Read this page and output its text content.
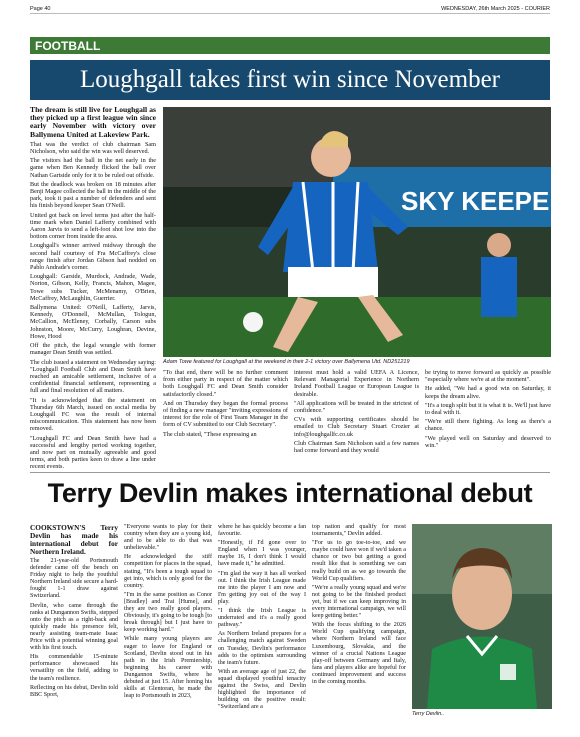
Page 40	WEDNESDAY, 26th March 2025 - COURIER
FOOTBALL
Loughgall takes first win since November

The dream is still live for Loughgall as they picked up a first league win since early November with victory over Ballymena United at Lakeview Park.

That was the verdict of club chairman Sam Nicholson, who said the win was well deserved.

The visitors had the ball in the net early in the game when Ben Kennedy flicked the ball over Nathan Gartside only for it to be ruled out offside.

But the deadlock was broken on 18 minutes after Benji Magee collected the ball in the middle of the park, took it past a number of defenders and sent his finish beyond keeper Sean O'Neill.

United got back on level terms just after the half-time mark when Daniel Lafferty combined with Aaron Jarvis to send a left-foot shot low into the bottom corner from inside the area.

Loughgall's winner arrived midway through the second half courtesy of Fra McCaffrey's close range finish after Jordan Gibson had nodded on Pablo Andrade's corner.

Loughgall: Garside, Murdock, Andrade, Wade, Norton, Gibson, Kelly, Francis, Mahon, Magee, Towe subs Tucker, McMenamy, O'Brien, McCaffrey, McLaughlin, Guerrier.

Ballymena United: O'Neill, Lafferty, Jarvis, Kennedy, O'Donnell, McMullan, Tologun, McCallion, McEleney, Corbally, Carson subs Johnston, Moore, McCurry, Loughran, Devine, Howe, Hood

Off the pitch, the legal wrangle with former manager Dean Smith was settled.

The club issued a statement on Wednesday saying: "Loughgall Football Club and Dean Smith have reached an amicable settlement, inclusive of a confidential financial settlement, representing a full and final resolution of all matters.

"It is acknowledged that the statement on Thursday 6th March, issued on social media by Loughgall FC was the result of internal miscommunication. This statement has now been removed.

"Loughgall FC and Dean Smith have had a successful and lengthy period working together, and now part on mutually agreeable and good terms, and both parties keen to draw a line under recent events.

SKY KEEPER
Adam Towe featured for Loughgall at the weekend in their 2-1 victory over Ballymena Utd. ND251219

"To that end, there will be no further comment from either party in respect of the matter which both Loughgall FC and Dean Smith consider satisfactorily closed."

And on Thursday they began the formal process of finding a new manager "inviting expressions of interest for the role of First Team Manager in the form of CV submitted to our Club Secretary".

The club stated, "These expressing an

interest must hold a valid UEFA A Licence, Relevant Managerial Experience in Northern Ireland Football League or European League is desirable.

"All applications will be treated in the strictest of confidence."

CVs with supporting certificates should be emailed to Club Secretary Stuart Crozier at info@loughgallfc.co.uk

Club Chairman Sam Nicholson said a few names had come forward and they would

be trying to move forward as quickly as possible "especially where we're at at the moment".

He added, "We had a good win on Saturday, it keeps the dream alive.

"It's a tough split but it is what it is. We'll just have to deal with it.

"We're still there fighting. As long as there's a chance.

"We played well on Saturday and deserved to win."

Terry Devlin makes international debut

COOKSTOWN'S Terry Devlin has made his international debut for Northern Ireland.

The 21-year-old Portsmouth defender came off the bench on Friday night to help the youthful Northern Ireland side secure a hard-fought 1-1 draw against Switzerland.

Devlin, who came through the ranks at Dungannon Swifts, stepped onto the pitch as a right-back and quickly made his presence felt, nearly assisting team-mate Isaac Price with a potential winning goal with his first touch.

His commendable 15-minute performance showcased his versatility on the field, adding to the team's resilience.

Reflecting on his debut, Devlin told BBC Sport,

"Everyone wants to play for their country when they are a young kid, and to be able to do that was unbelievable."

He acknowledged the stiff competition for places in the squad, stating, "It's been a tough squad to get into, which is only good for the country.

"I'm in the same position as Conor [Bradley] and Trai [Hume], and they are two really good players. Obviously, it's going to be tough [to break through] but I just have to keep working hard."

While many young players are eager to leave for England or Scotland, Devlin stood out in his path in the Irish Premiership, beginning his career with Dungannon Swifts, where he debuted at just 15. After honing his skills at Glentoran, he made the leap to Portsmouth in 2023,

where he has quickly become a fan favourite.

"Honestly, if I'd gone over to England when I was younger, maybe 16, I don't think I would have made it," he admitted.

"I'm glad the way it has all worked out. I think the Irish League made me into the player I am now and I'm getting joy out of the way I play.

"I think the Irish League is underrated and it's a really good pathway."

As Northern Ireland prepares for a challenging match against Sweden on Tuesday, Devlin's performance adds to the optimism surrounding the team's future.

With an average age of just 22, the squad displayed youthful tenacity against the Swiss, and Devlin highlighted the importance of building on the positive result: "Switzerland are a

top nation and qualify for most tournaments," Devlin added.

"For us to go toe-to-toe, and we maybe could have won if we'd taken a chance or two but getting a good result like that is something we can really build on as we go towards the World Cup qualifiers.

"We're a really young squad and we're not going to be the finished product yet, but if we can keep improving in every international campaign, we will keep getting better."

With the focus shifting to the 2026 World Cup qualifying campaign, where Northern Ireland will face Luxembourg, Slovakia, and the winner of a crucial Nations League play-off between Germany and Italy, fans and players alike are hopeful for continued improvement and success in the coming months.

Terry Devlin..
